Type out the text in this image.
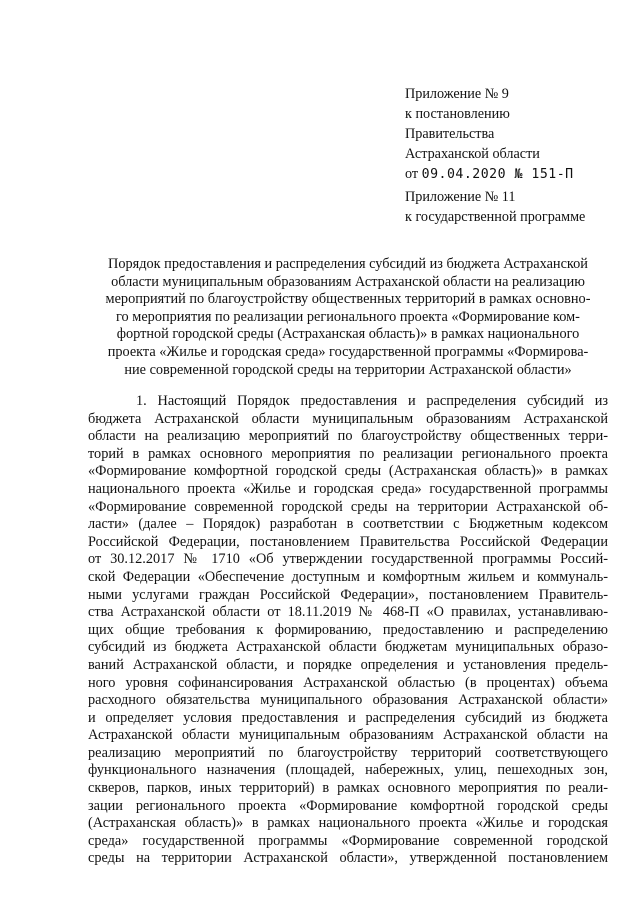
Приложение № 9
к постановлению
Правительства
Астраханской области
от 09.04.2020 № 151-П
Приложение № 11
к государственной программе
Порядок предоставления и распределения субсидий из бюджета Астраханской
области муниципальным образованиям Астраханской области на реализацию
мероприятий по благоустройству общественных территорий в рамках основно-
го мероприятия по реализации регионального проекта «Формирование ком-
фортной городской среды (Астраханская область)» в рамках национального
проекта «Жилье и городская среда» государственной программы «Формирова-
ние современной городской среды на территории Астраханской области»
1. Настоящий Порядок предоставления и распределения субсидий из
бюджета Астраханской области муниципальным образованиям Астраханской
области на реализацию мероприятий по благоустройству общественных терри-
торий в рамках основного мероприятия по реализации регионального проекта
«Формирование комфортной городской среды (Астраханская область)» в рамках
национального проекта «Жилье и городская среда» государственной программы
«Формирование современной городской среды на территории Астраханской об-
ласти» (далее – Порядок) разработан в соответствии с Бюджетным кодексом
Российской Федерации, постановлением Правительства Российской Федерации
от 30.12.2017 № 1710 «Об утверждении государственной программы Россий-
ской Федерации «Обеспечение доступным и комфортным жильем и коммуналь-
ными услугами граждан Российской Федерации», постановлением Правитель-
ства Астраханской области от 18.11.2019 № 468-П «О правилах, устанавливаю-
щих общие требования к формированию, предоставлению и распределению
субсидий из бюджета Астраханской области бюджетам муниципальных образо-
ваний Астраханской области, и порядке определения и установления предель-
ного уровня софинансирования Астраханской областью (в процентах) объема
расходного обязательства муниципального образования Астраханской области»
и определяет условия предоставления и распределения субсидий из бюджета
Астраханской области муниципальным образованиям Астраханской области на
реализацию мероприятий по благоустройству территорий соответствующего
функционального назначения (площадей, набережных, улиц, пешеходных зон,
скверов, парков, иных территорий) в рамках основного мероприятия по реали-
зации регионального проекта «Формирование комфортной городской среды
(Астраханская область)» в рамках национального проекта «Жилье и городская
среда» государственной программы «Формирование современной городской
среды на территории Астраханской области», утвержденной постановлением
